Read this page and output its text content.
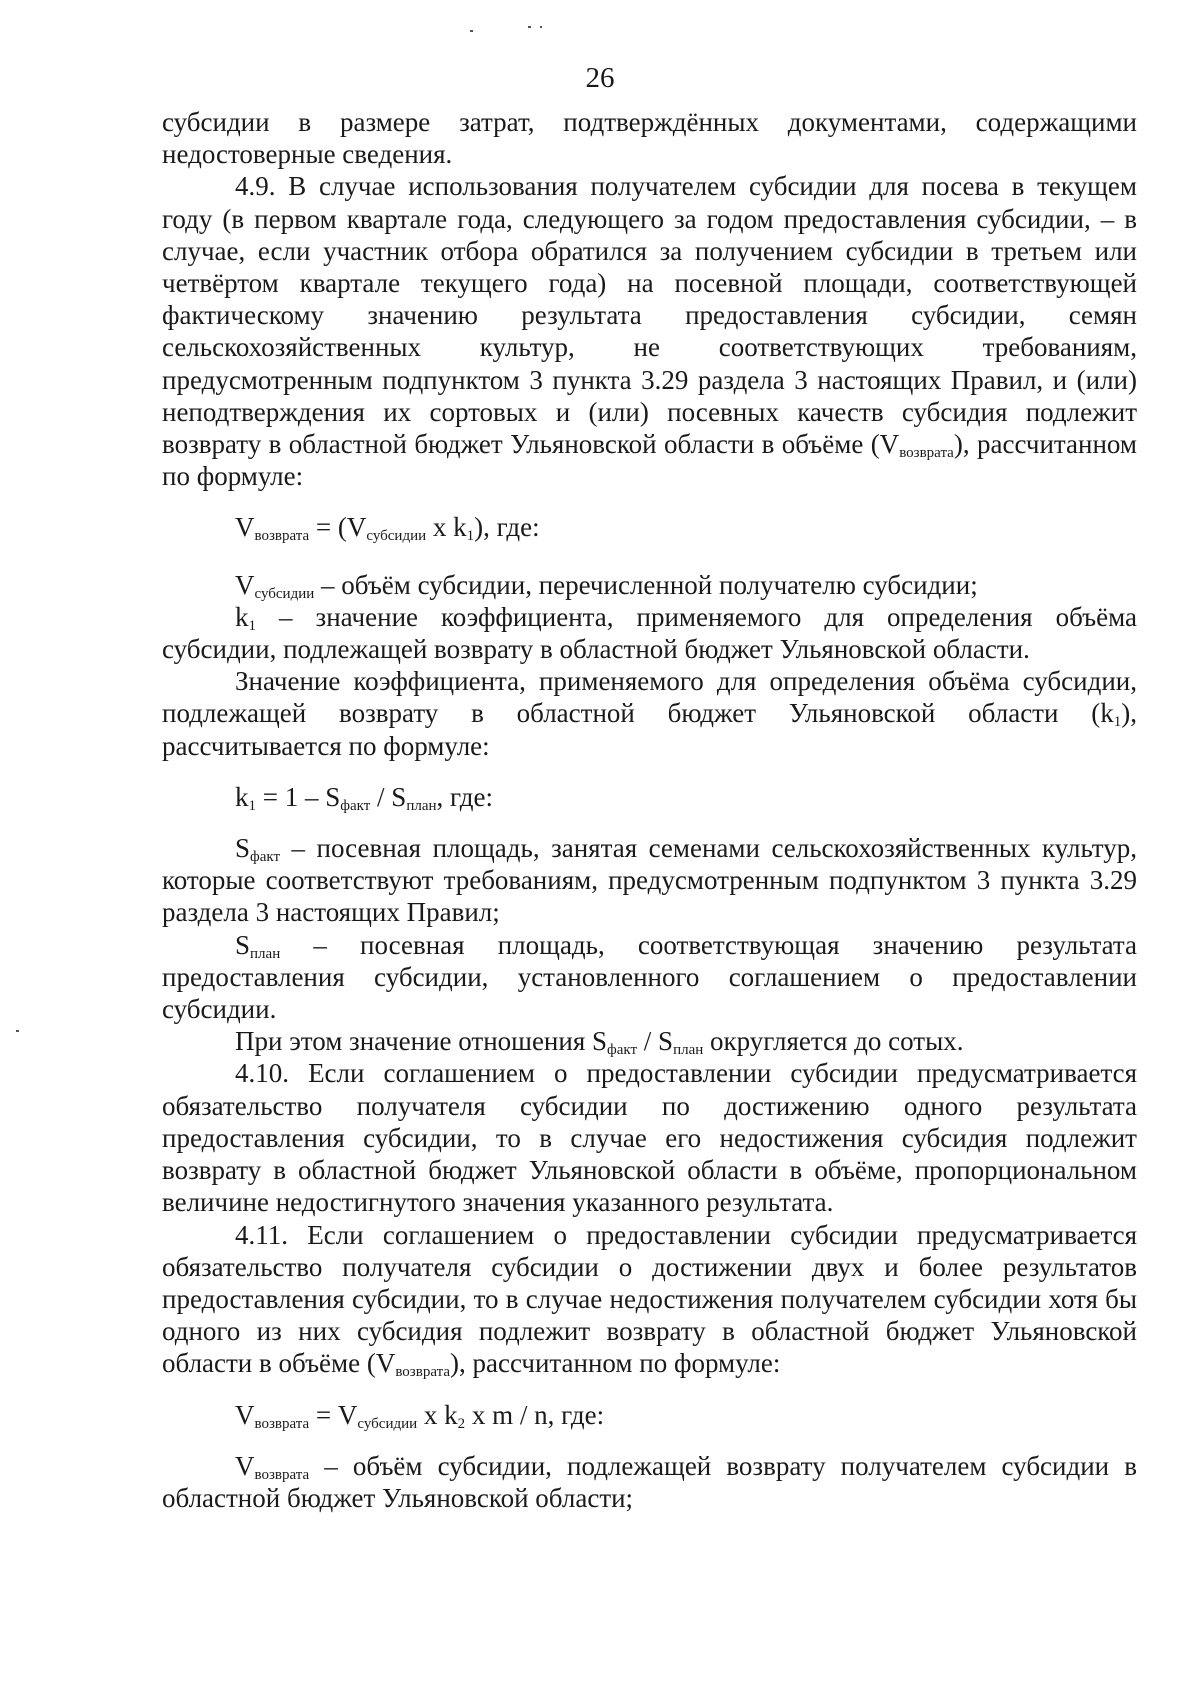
26

субсидии в размере затрат, подтверждённых документами, содержащими недостоверные сведения.

4.9. В случае использования получателем субсидии для посева в текущем году (в первом квартале года, следующего за годом предоставления субсидии, – в случае, если участник отбора обратился за получением субсидии в третьем или четвёртом квартале текущего года) на посевной площади, соответствующей фактическому значению результата предоставления субсидии, семян сельскохозяйственных культур, не соответствующих требованиям, предусмотренным подпунктом 3 пункта 3.29 раздела 3 настоящих Правил, и (или) неподтверждения их сортовых и (или) посевных качеств субсидия подлежит возврату в областной бюджет Ульяновской области в объёме $(V_{возврата})$, рассчитанном по формуле:

$V_{возврата} = (V_{субсидии}$ x $k_1$), где:

$V_{субсидии}$ – объём субсидии, перечисленной получателю субсидии;

$k_1$ – значение коэффициента, применяемого для определения объёма субсидии, подлежащей возврату в областной бюджет Ульяновской области.

Значение коэффициента, применяемого для определения объёма субсидии, подлежащей возврату в областной бюджет Ульяновской области $(k_1)$, рассчитывается по формуле:

$k_1 = 1 - S_{факт} / S_{план}$, где:

$S_{факт}$ – посевная площадь, занятая семенами сельскохозяйственных культур, которые соответствуют требованиям, предусмотренным подпунктом 3 пункта 3.29 раздела 3 настоящих Правил;

$S_{план}$ – посевная площадь, соответствующая значению результата предоставления субсидии, установленного соглашением о предоставлении субсидии.

При этом значение отношения $S_{факт} / S_{план}$ округляется до сотых.

4.10. Если соглашением о предоставлении субсидии предусматривается обязательство получателя субсидии по достижению одного результата предоставления субсидии, то в случае его недостижения субсидия подлежит возврату в областной бюджет Ульяновской области в объёме, пропорциональном величине недостигнутого значения указанного результата.

4.11. Если соглашением о предоставлении субсидии предусматривается обязательство получателя субсидии о достижении двух и более результатов предоставления субсидии, то в случае недостижения получателем субсидии хотя бы одного из них субсидия подлежит возврату в областной бюджет Ульяновской области в объёме $(V_{возврата})$, рассчитанном по формуле:

$V_{возврата} = V_{субсидии}$ x $k_2$ x m / n, где:

$V_{возврата}$ – объём субсидии, подлежащей возврату получателем субсидии в областной бюджет Ульяновской области;
